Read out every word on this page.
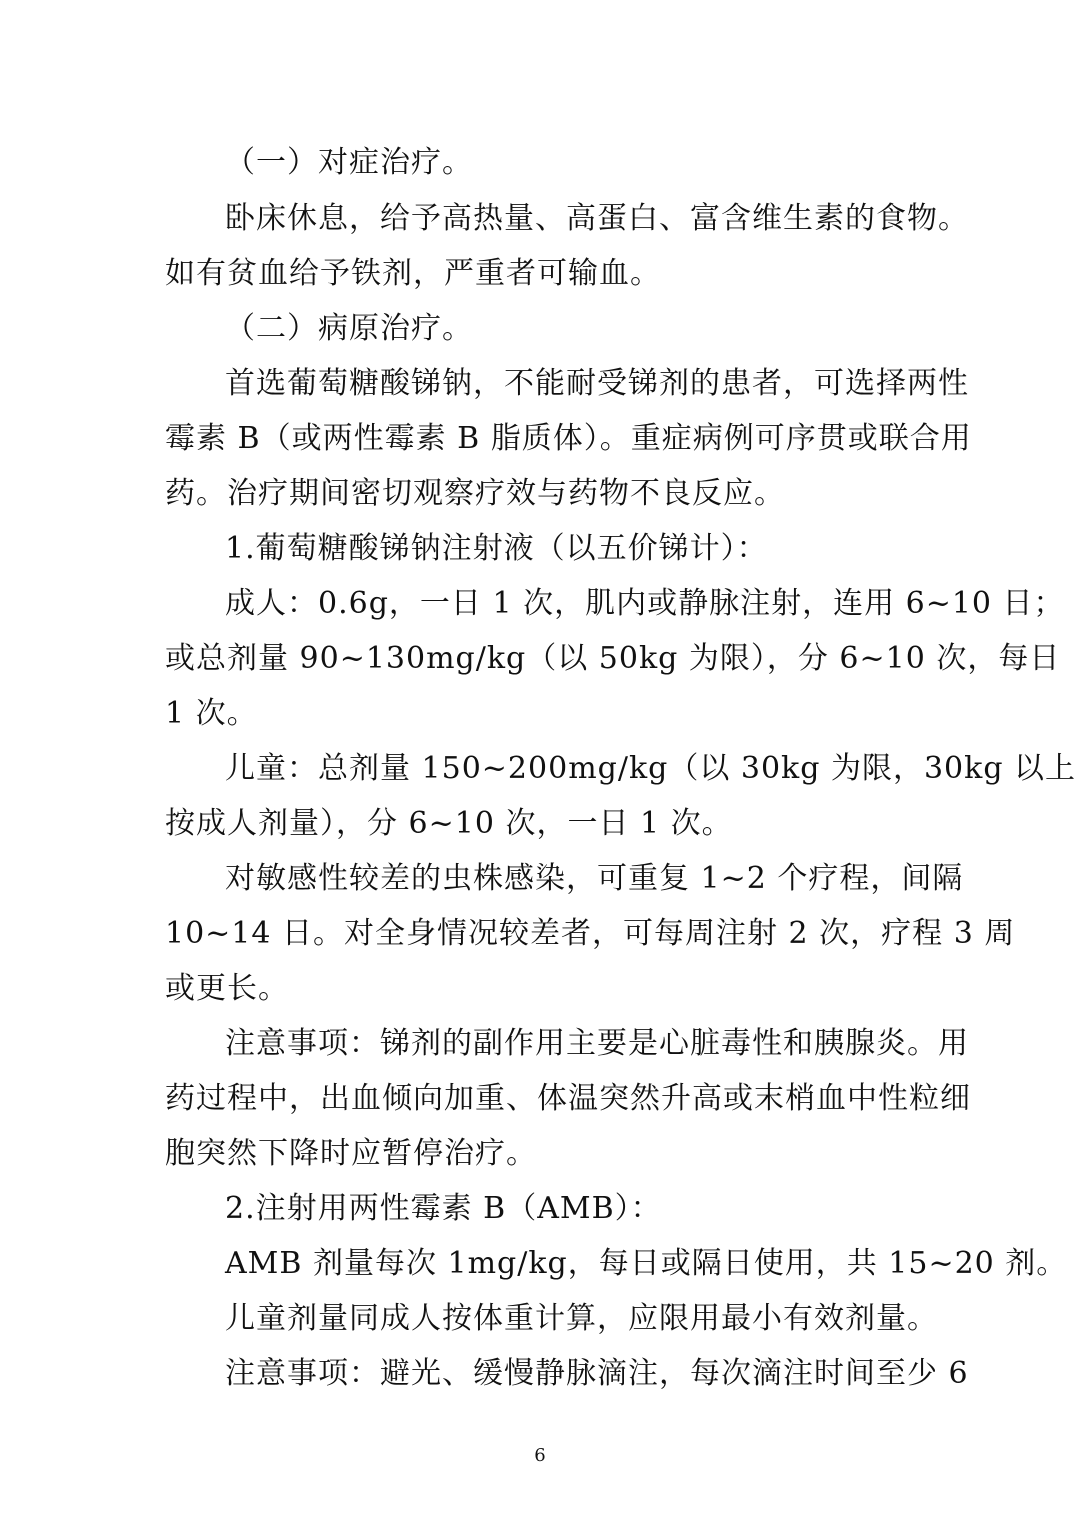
（一）对症治疗。
卧床休息，给予高热量、高蛋白、富含维生素的食物。
如有贫血给予铁剂，严重者可输血。
（二）病原治疗。
首选葡萄糖酸锑钠，不能耐受锑剂的患者，可选择两性
霉素 B（或两性霉素 B 脂质体）。重症病例可序贯或联合用
药。治疗期间密切观察疗效与药物不良反应。
1.葡萄糖酸锑钠注射液（以五价锑计）：
成人：0.6g，一日 1 次，肌内或静脉注射，连用 6~10 日；
或总剂量 90~130mg/kg（以 50kg 为限），分 6~10 次，每日
1 次。
儿童：总剂量 150~200mg/kg（以 30kg 为限，30kg 以上
按成人剂量），分 6~10 次，一日 1 次。
对敏感性较差的虫株感染，可重复 1~2 个疗程，间隔
10~14 日。对全身情况较差者，可每周注射 2 次，疗程 3 周
或更长。
注意事项：锑剂的副作用主要是心脏毒性和胰腺炎。用
药过程中，出血倾向加重、体温突然升高或末梢血中性粒细
胞突然下降时应暂停治疗。
2.注射用两性霉素 B（AMB）：
AMB 剂量每次 1mg/kg，每日或隔日使用，共 15~20 剂。
儿童剂量同成人按体重计算，应限用最小有效剂量。
注意事项：避光、缓慢静脉滴注，每次滴注时间至少 6
6
